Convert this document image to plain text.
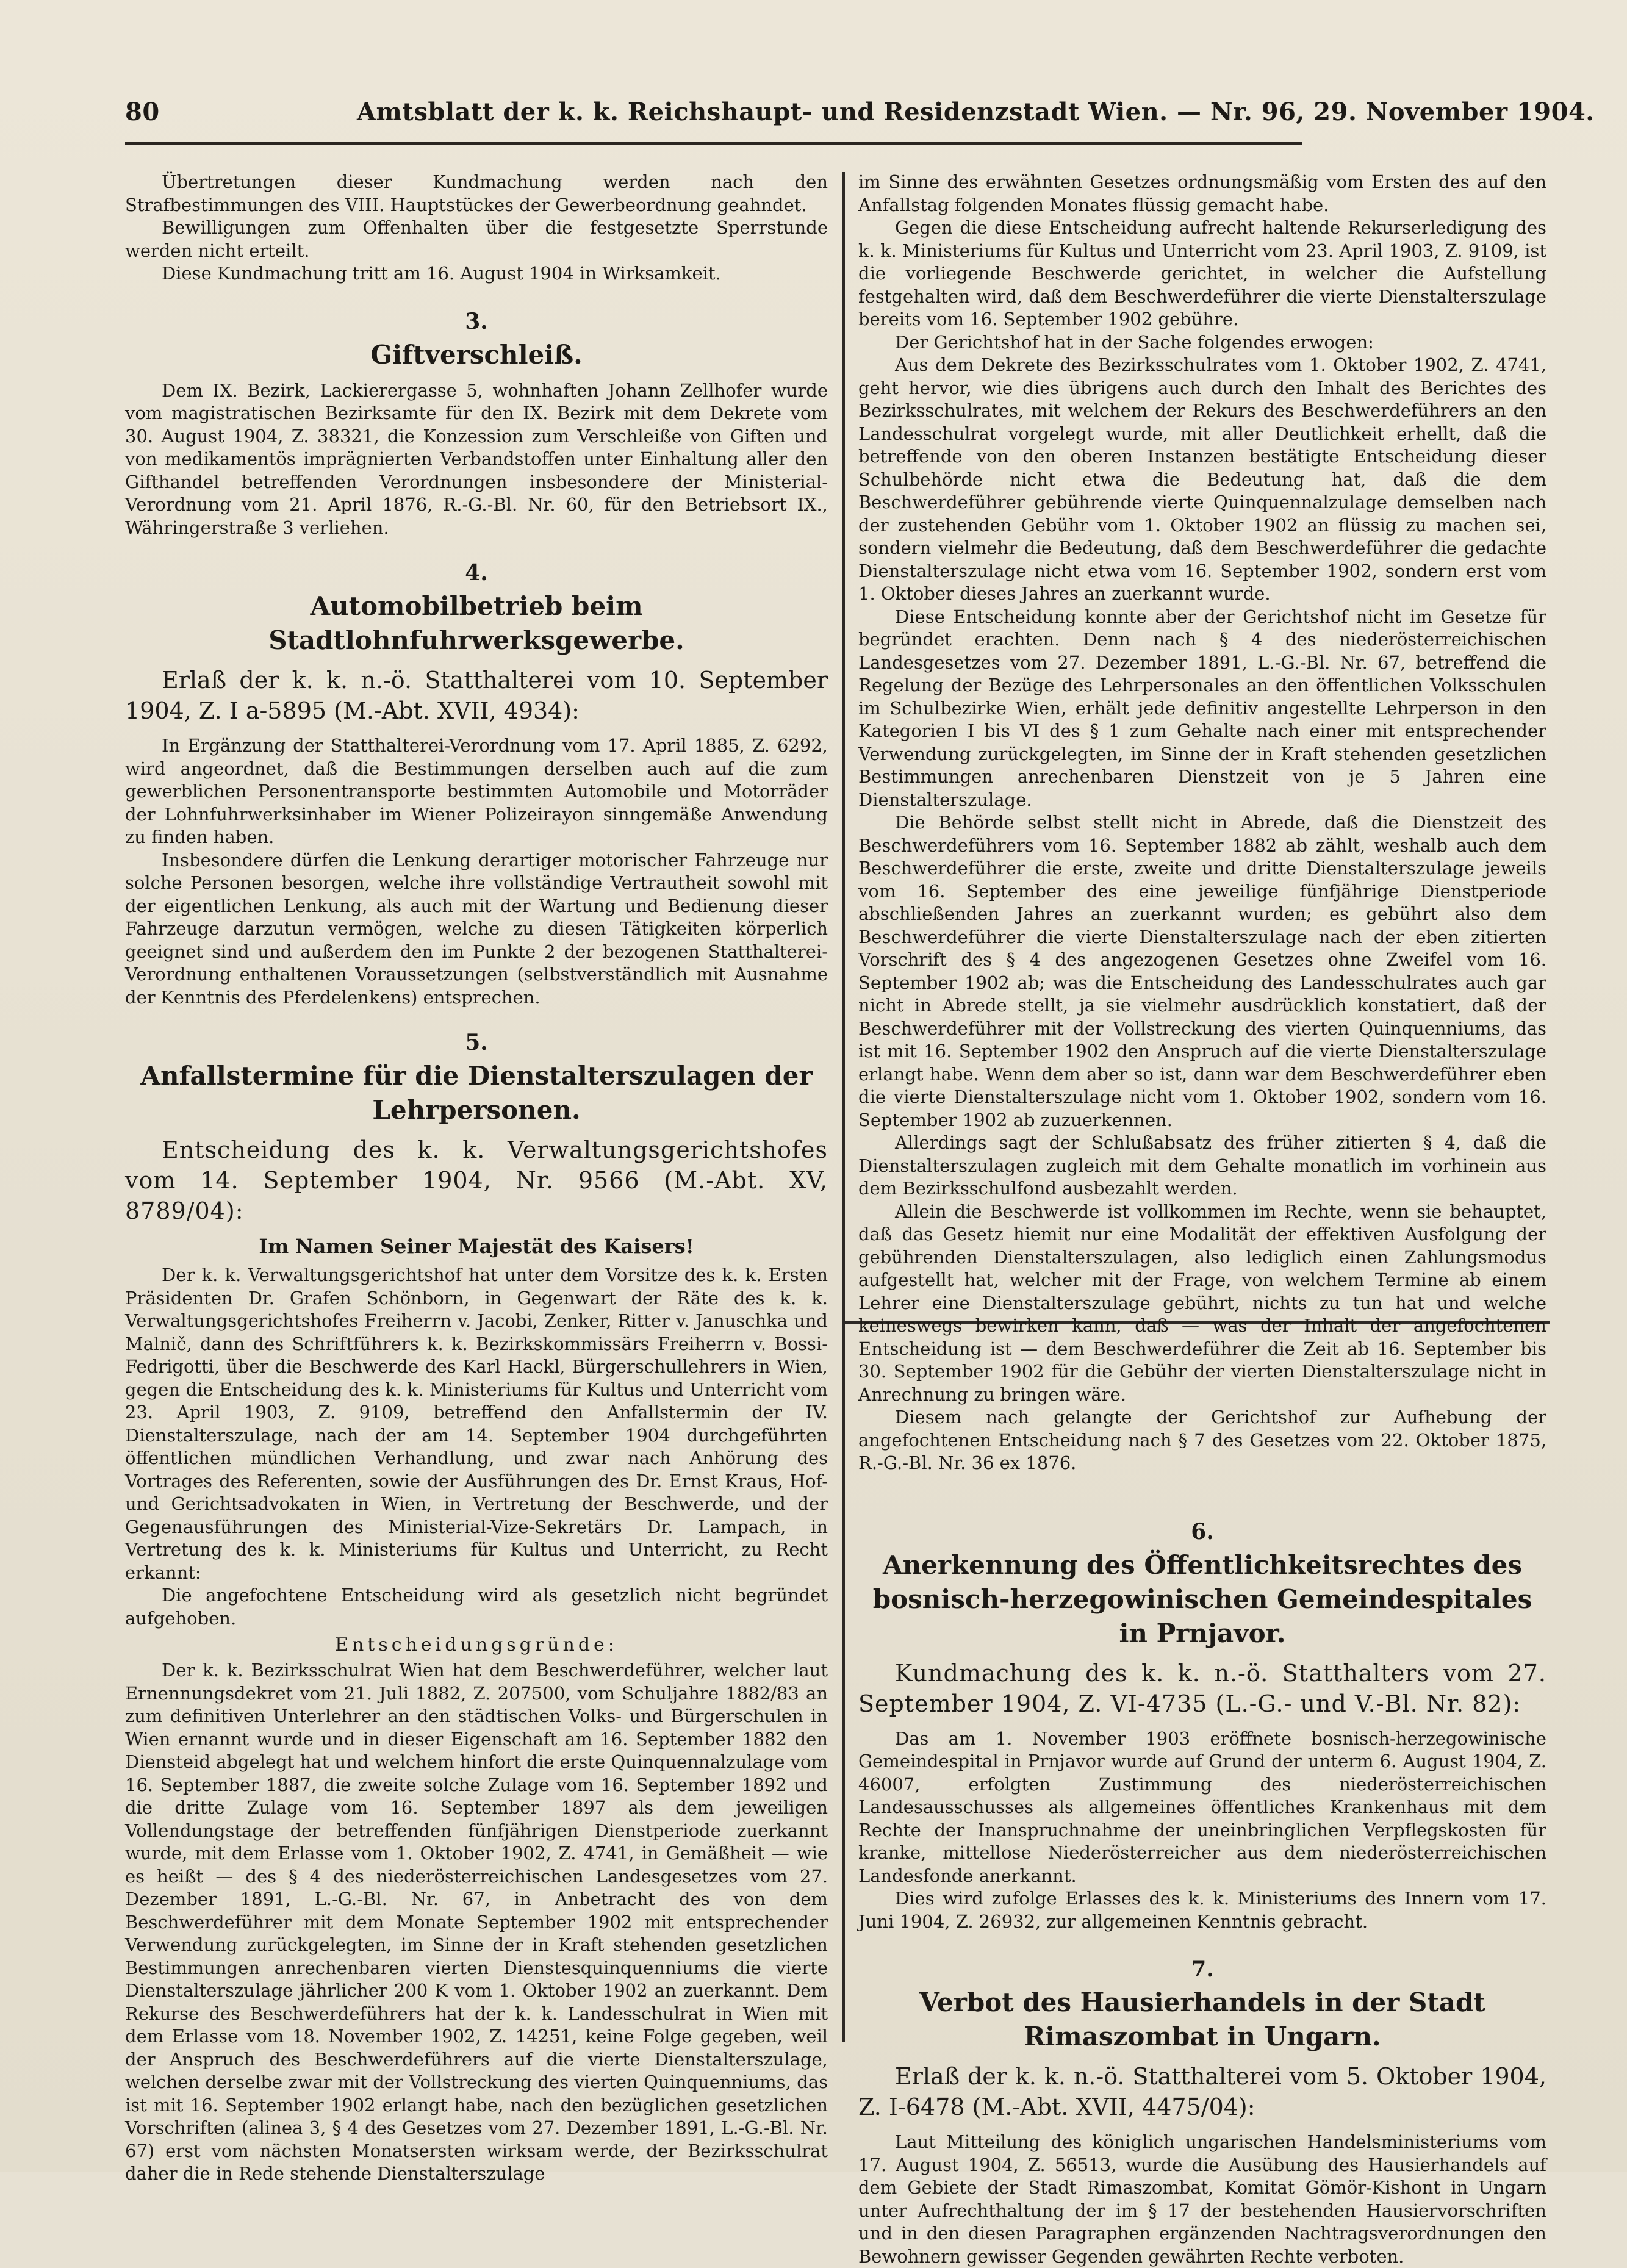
80	Amtsblatt der k. k. Reichshaupt- und Residenzstadt Wien. — Nr. 96, 29. November 1904.

Übertretungen dieser Kundmachung werden nach den Strafbestimmungen des VIII. Hauptstückes der Gewerbeordnung geahndet.

Bewilligungen zum Offenhalten über die festgesetzte Sperrstunde werden nicht erteilt.

Diese Kundmachung tritt am 16. August 1904 in Wirksamkeit.

3.
Giftverschleiß.

Dem IX. Bezirk, Lackierergasse 5, wohnhaften Johann Zellhofer wurde vom magistratischen Bezirksamte für den IX. Bezirk mit dem Dekrete vom 30. August 1904, Z. 38321, die Konzession zum Verschleiße von Giften und von medikamentös imprägnierten Verbandstoffen unter Einhaltung aller den Gifthandel betreffenden Verordnungen insbesondere der Ministerial-Verordnung vom 21. April 1876, R.-G.-Bl. Nr. 60, für den Betriebsort IX., Währingerstraße 3 verliehen.

4.
Automobilbetrieb beim Stadtlohnfuhrwerksgewerbe.

Erlaß der k. k. n.-ö. Statthalterei vom 10. September 1904, Z. I a-5895 (M.-Abt. XVII, 4934):

In Ergänzung der Statthalterei-Verordnung vom 17. April 1885, Z. 6292, wird angeordnet, daß die Bestimmungen derselben auch auf die zum gewerblichen Personentransporte bestimmten Automobile und Motorräder der Lohnfuhrwerksinhaber im Wiener Polizeirayon sinngemäße Anwendung zu finden haben.

Insbesondere dürfen die Lenkung derartiger motorischer Fahrzeuge nur solche Personen besorgen, welche ihre vollständige Vertrautheit sowohl mit der eigentlichen Lenkung, als auch mit der Wartung und Bedienung dieser Fahrzeuge darzutun vermögen, welche zu diesen Tätigkeiten körperlich geeignet sind und außerdem den im Punkte 2 der bezogenen Statthalterei-Verordnung enthaltenen Voraussetzungen (selbstverständlich mit Ausnahme der Kenntnis des Pferdelenkens) entsprechen.

5.
Anfallstermine für die Dienstalterszulagen der Lehrpersonen.

Entscheidung des k. k. Verwaltungsgerichtshofes vom 14. September 1904, Nr. 9566 (M.-Abt. XV, 8789/04):

Im Namen Seiner Majestät des Kaisers!

Der k. k. Verwaltungsgerichtshof hat unter dem Vorsitze des k. k. Ersten Präsidenten Dr. Grafen Schönborn, in Gegenwart der Räte des k. k. Verwaltungsgerichtshofes Freiherrn v. Jacobi, Zenker, Ritter v. Januschka und Malnič, dann des Schriftführers k. k. Bezirkskommissärs Freiherrn v. Bossi-Fedrigotti, über die Beschwerde des Karl Hackl, Bürgerschullehrers in Wien, gegen die Entscheidung des k. k. Ministeriums für Kultus und Unterricht vom 23. April 1903, Z. 9109, betreffend den Anfallstermin der IV. Dienstalterszulage, nach der am 14. September 1904 durchgeführten öffentlichen mündlichen Verhandlung, und zwar nach Anhörung des Vortrages des Referenten, sowie der Ausführungen des Dr. Ernst Kraus, Hof- und Gerichtsadvokaten in Wien, in Vertretung der Beschwerde, und der Gegenausführungen des Ministerial-Vize-Sekretärs Dr. Lampach, in Vertretung des k. k. Ministeriums für Kultus und Unterricht, zu Recht erkannt:

Die angefochtene Entscheidung wird als gesetzlich nicht begründet aufgehoben.

Entscheidungsgründe:

Der k. k. Bezirksschulrat Wien hat dem Beschwerdeführer, welcher laut Ernennungsdekret vom 21. Juli 1882, Z. 207500, vom Schuljahre 1882/83 an zum definitiven Unterlehrer an den städtischen Volks- und Bürgerschulen in Wien ernannt wurde und in dieser Eigenschaft am 16. September 1882 den Diensteid abgelegt hat und welchem hinfort die erste Quinquennalzulage vom 16. September 1887, die zweite solche Zulage vom 16. September 1892 und die dritte Zulage vom 16. September 1897 als dem jeweiligen Vollendungstage der betreffenden fünfjährigen Dienstperiode zuerkannt wurde, mit dem Erlasse vom 1. Oktober 1902, Z. 4741, in Gemäßheit — wie es heißt — des § 4 des niederösterreichischen Landesgesetzes vom 27. Dezember 1891, L.-G.-Bl. Nr. 67, in Anbetracht des von dem Beschwerdeführer mit dem Monate September 1902 mit entsprechender Verwendung zurückgelegten, im Sinne der in Kraft stehenden gesetzlichen Bestimmungen anrechenbaren vierten Dienstesquinquenniums die vierte Dienstalterszulage jährlicher 200 K vom 1. Oktober 1902 an zuerkannt. Dem Rekurse des Beschwerdeführers hat der k. k. Landesschulrat in Wien mit dem Erlasse vom 18. November 1902, Z. 14251, keine Folge gegeben, weil der Anspruch des Beschwerdeführers auf die vierte Dienstalterszulage, welchen derselbe zwar mit der Vollstreckung des vierten Quinquenniums, das ist mit 16. September 1902 erlangt habe, nach den bezüglichen gesetzlichen Vorschriften (alinea 3, § 4 des Gesetzes vom 27. Dezember 1891, L.-G.-Bl. Nr. 67) erst vom nächsten Monatsersten wirksam werde, der Bezirksschulrat daher die in Rede stehende Dienstalterszulage

im Sinne des erwähnten Gesetzes ordnungsmäßig vom Ersten des auf den Anfallstag folgenden Monates flüssig gemacht habe.

Gegen die diese Entscheidung aufrecht haltende Rekurserledigung des k. k. Ministeriums für Kultus und Unterricht vom 23. April 1903, Z. 9109, ist die vorliegende Beschwerde gerichtet, in welcher die Aufstellung festgehalten wird, daß dem Beschwerdeführer die vierte Dienstalterszulage bereits vom 16. September 1902 gebühre.

Der Gerichtshof hat in der Sache folgendes erwogen:

Aus dem Dekrete des Bezirksschulrates vom 1. Oktober 1902, Z. 4741, geht hervor, wie dies übrigens auch durch den Inhalt des Berichtes des Bezirksschulrates, mit welchem der Rekurs des Beschwerdeführers an den Landesschulrat vorgelegt wurde, mit aller Deutlichkeit erhellt, daß die betreffende von den oberen Instanzen bestätigte Entscheidung dieser Schulbehörde nicht etwa die Bedeutung hat, daß die dem Beschwerdeführer gebührende vierte Quinquennalzulage demselben nach der zustehenden Gebühr vom 1. Oktober 1902 an flüssig zu machen sei, sondern vielmehr die Bedeutung, daß dem Beschwerdeführer die gedachte Dienstalterszulage nicht etwa vom 16. September 1902, sondern erst vom 1. Oktober dieses Jahres an zuerkannt wurde.

Diese Entscheidung konnte aber der Gerichtshof nicht im Gesetze für begründet erachten. Denn nach § 4 des niederösterreichischen Landesgesetzes vom 27. Dezember 1891, L.-G.-Bl. Nr. 67, betreffend die Regelung der Bezüge des Lehrpersonales an den öffentlichen Volksschulen im Schulbezirke Wien, erhält jede definitiv angestellte Lehrperson in den Kategorien I bis VI des § 1 zum Gehalte nach einer mit entsprechender Verwendung zurückgelegten, im Sinne der in Kraft stehenden gesetzlichen Bestimmungen anrechenbaren Dienstzeit von je 5 Jahren eine Dienstalterszulage.

Die Behörde selbst stellt nicht in Abrede, daß die Dienstzeit des Beschwerdeführers vom 16. September 1882 ab zählt, weshalb auch dem Beschwerdeführer die erste, zweite und dritte Dienstalterszulage jeweils vom 16. September des eine jeweilige fünfjährige Dienstperiode abschließenden Jahres an zuerkannt wurden; es gebührt also dem Beschwerdeführer die vierte Dienstalterszulage nach der eben zitierten Vorschrift des § 4 des angezogenen Gesetzes ohne Zweifel vom 16. September 1902 ab; was die Entscheidung des Landesschulrates auch gar nicht in Abrede stellt, ja sie vielmehr ausdrücklich konstatiert, daß der Beschwerdeführer mit der Vollstreckung des vierten Quinquenniums, das ist mit 16. September 1902 den Anspruch auf die vierte Dienstalterszulage erlangt habe. Wenn dem aber so ist, dann war dem Beschwerdeführer eben die vierte Dienstalterszulage nicht vom 1. Oktober 1902, sondern vom 16. September 1902 ab zuzuerkennen.

Allerdings sagt der Schlußabsatz des früher zitierten § 4, daß die Dienstalterszulagen zugleich mit dem Gehalte monatlich im vorhinein aus dem Bezirksschulfond ausbezahlt werden.

Allein die Beschwerde ist vollkommen im Rechte, wenn sie behauptet, daß das Gesetz hiemit nur eine Modalität der effektiven Ausfolgung der gebührenden Dienstalterszulagen, also lediglich einen Zahlungsmodus aufgestellt hat, welcher mit der Frage, von welchem Termine ab einem Lehrer eine Dienstalterszulage gebührt, nichts zu tun hat und welche keineswegs bewirken kann, daß — was der Inhalt der angefochtenen Entscheidung ist — dem Beschwerdeführer die Zeit ab 16. September bis 30. September 1902 für die Gebühr der vierten Dienstalterszulage nicht in Anrechnung zu bringen wäre.

Diesem nach gelangte der Gerichtshof zur Aufhebung der angefochtenen Entscheidung nach § 7 des Gesetzes vom 22. Oktober 1875, R.-G.-Bl. Nr. 36 ex 1876.

6.
Anerkennung des Öffentlichkeitsrechtes des bosnisch-herzegowinischen Gemeindespitales in Prnjavor.

Kundmachung des k. k. n.-ö. Statthalters vom 27. September 1904, Z. VI-4735 (L.-G.- und V.-Bl. Nr. 82):

Das am 1. November 1903 eröffnete bosnisch-herzegowinische Gemeindespital in Prnjavor wurde auf Grund der unterm 6. August 1904, Z. 46007, erfolgten Zustimmung des niederösterreichischen Landesausschusses als allgemeines öffentliches Krankenhaus mit dem Rechte der Inanspruchnahme der uneinbringlichen Verpflegskosten für kranke, mittellose Niederösterreicher aus dem niederösterreichischen Landesfonde anerkannt.

Dies wird zufolge Erlasses des k. k. Ministeriums des Innern vom 17. Juni 1904, Z. 26932, zur allgemeinen Kenntnis gebracht.

7.
Verbot des Hausierhandels in der Stadt Rimaszombat in Ungarn.

Erlaß der k. k. n.-ö. Statthalterei vom 5. Oktober 1904, Z. I-6478 (M.-Abt. XVII, 4475/04):

Laut Mitteilung des königlich ungarischen Handelsministeriums vom 17. August 1904, Z. 56513, wurde die Ausübung des Hausierhandels auf dem Gebiete der Stadt Rimaszombat, Komitat Gömör-Kishont in Ungarn unter Aufrechthaltung der im § 17 der bestehenden Hausiervorschriften und in den diesen Paragraphen ergänzenden Nachtragsverordnungen den Bewohnern gewisser Gegenden gewährten Rechte verboten.
